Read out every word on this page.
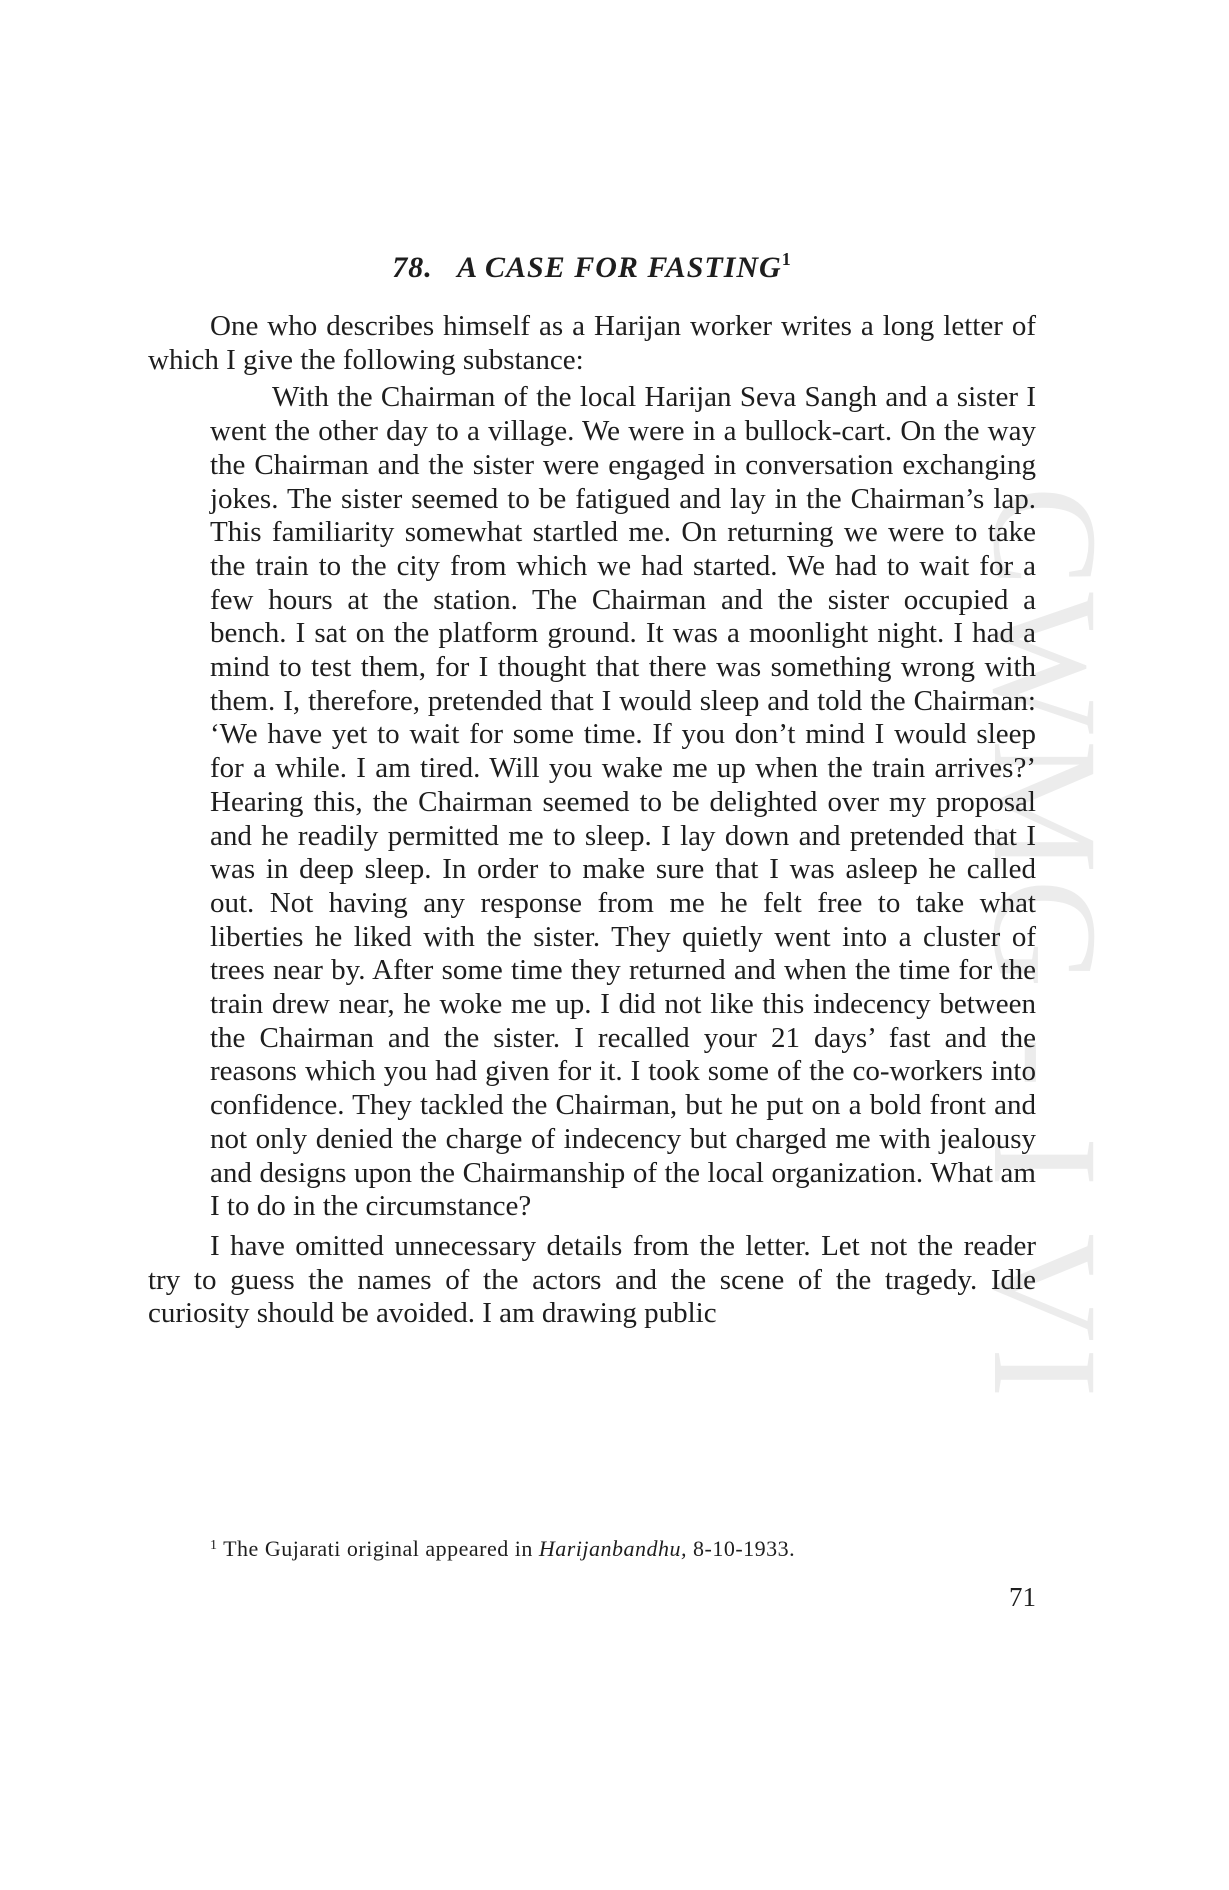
CWMG - I VI
78. A CASE FOR FASTING$^1$

One who describes himself as a Harijan worker writes a long letter of which I give the following substance:

With the Chairman of the local Harijan Seva Sangh and a sister I went the other day to a village. We were in a bullock-cart. On the way the Chairman and the sister were engaged in conversation exchanging jokes. The sister seemed to be fatigued and lay in the Chairman’s lap. This familiarity somewhat startled me. On returning we were to take the train to the city from which we had started. We had to wait for a few hours at the station. The Chairman and the sister occupied a bench. I sat on the platform ground. It was a moonlight night. I had a mind to test them, for I thought that there was something wrong with them. I, therefore, pretended that I would sleep and told the Chairman: ‘We have yet to wait for some time. If you don’t mind I would sleep for a while. I am tired. Will you wake me up when the train arrives?’ Hearing this, the Chairman seemed to be delighted over my proposal and he readily permitted me to sleep. I lay down and pretended that I was in deep sleep. In order to make sure that I was asleep he called out. Not having any response from me he felt free to take what liberties he liked with the sister. They quietly went into a cluster of trees near by. After some time they returned and when the time for the train drew near, he woke me up. I did not like this indecency between the Chairman and the sister. I recalled your 21 days’ fast and the reasons which you had given for it. I took some of the co-workers into confidence. They tackled the Chairman, but he put on a bold front and not only denied the charge of indecency but charged me with jealousy and designs upon the Chairmanship of the local organization. What am I to do in the circumstance?

I have omitted unnecessary details from the letter. Let not the reader try to guess the names of the actors and the scene of the tragedy. Idle curiosity should be avoided. I am drawing public

$^1$ The Gujarati original appeared in Harijanbandhu, 8-10-1933.
71
